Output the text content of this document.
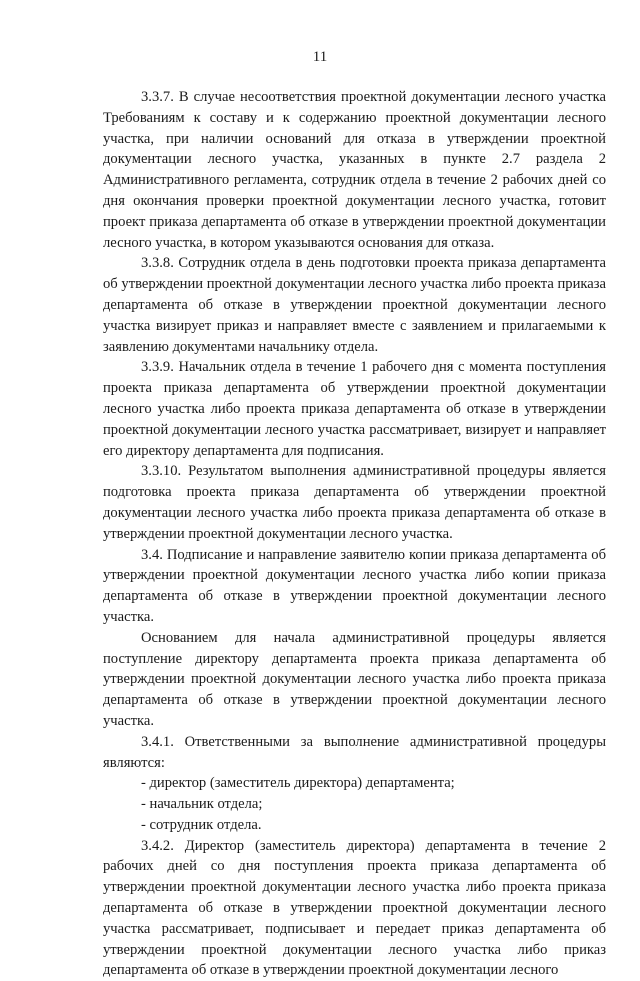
11

3.3.7. В случае несоответствия проектной документации лесного участка Требованиям к составу и к содержанию проектной документации лесного участка, при наличии оснований для отказа в утверждении проектной документации лесного участка, указанных в пункте 2.7 раздела 2 Административного регламента, сотрудник отдела в течение 2 рабочих дней со дня окончания проверки проектной документации лесного участка, готовит проект приказа департамента об отказе в утверждении проектной документации лесного участка, в котором указываются основания для отказа.

3.3.8. Сотрудник отдела в день подготовки проекта приказа департамента об утверждении проектной документации лесного участка либо проекта приказа департамента об отказе в утверждении проектной документации лесного участка визирует приказ и направляет вместе с заявлением и прилагаемыми к заявлению документами начальнику отдела.

3.3.9. Начальник отдела в течение 1 рабочего дня с момента поступления проекта приказа департамента об утверждении проектной документации лесного участка либо проекта приказа департамента об отказе в утверждении проектной документации лесного участка рассматривает, визирует и направляет его директору департамента для подписания.

3.3.10. Результатом выполнения административной процедуры является подготовка проекта приказа департамента об утверждении проектной документации лесного участка либо проекта приказа департамента об отказе в утверждении проектной документации лесного участка.

3.4. Подписание и направление заявителю копии приказа департамента об утверждении проектной документации лесного участка либо копии приказа департамента об отказе в утверждении проектной документации лесного участка.

Основанием для начала административной процедуры является поступление директору департамента проекта приказа департамента об утверждении проектной документации лесного участка либо проекта приказа департамента об отказе в утверждении проектной документации лесного участка.

3.4.1. Ответственными за выполнение административной процедуры являются:

- директор (заместитель директора) департамента;

- начальник отдела;

- сотрудник отдела.

3.4.2. Директор (заместитель директора) департамента в течение 2 рабочих дней со дня поступления проекта приказа департамента об утверждении проектной документации лесного участка либо проекта приказа департамента об отказе в утверждении проектной документации лесного участка рассматривает, подписывает и передает приказ департамента об утверждении проектной документации лесного участка либо приказ департамента об отказе в утверждении проектной документации лесного
